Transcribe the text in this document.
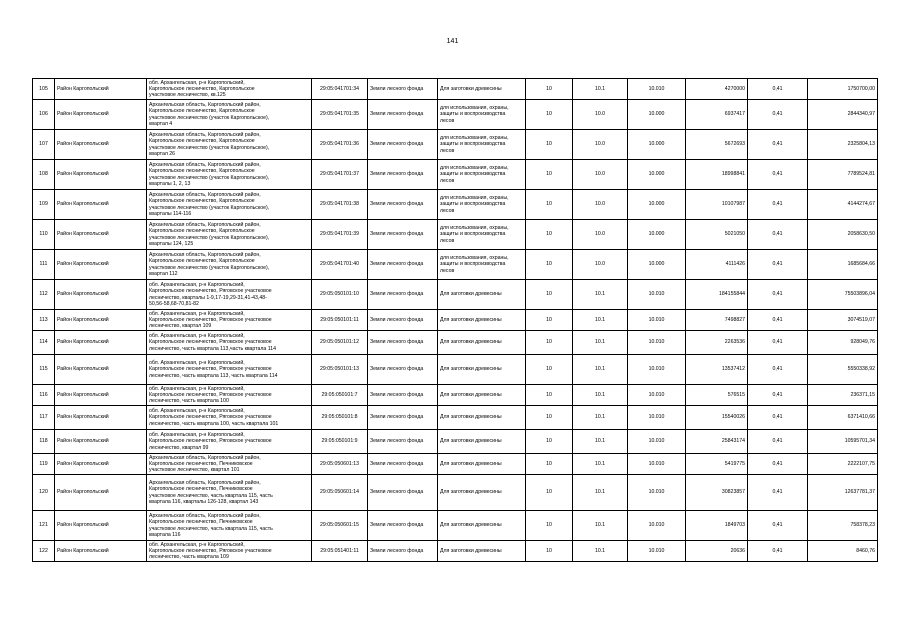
141
105	Район Каргопольский	обл. Архангельская, р-н Каргопольский,
Каргопольское лесничество, Каргопольское
участковое лесничество, кв.125	29:05:041701:34	Земли лесного фонда	Для заготовки древесины	10	10.1	10.010	4270000	0,41	1750700,00
106	Район Каргопольский	Архангельская область, Каргопольский район,
Каргопольское лесничество, Каргопольское
участковое лесничество (участок Каргопольское),
квартал 4	29:05:041701:35	Земли лесного фонда	для использования, охраны,
защиты и воспроизводства
лесов	10	10.0	10.000	6937417	0,41	2844340,97
107	Район Каргопольский	Архангельская область, Каргопольский район,
Каргопольское лесничество, Каргопольское
участковое лесничество (участок Каргопольское),
квартал 26	29:05:041701:36	Земли лесного фонда	для использования, охраны,
защиты и воспроизводства
лесов	10	10.0	10.000	5672693	0,41	2325804,13
108	Район Каргопольский	Архангельская область, Каргопольский район,
Каргопольское лесничество, Каргопольское
участковое лесничество (участок Каргопольское),
кварталы 1, 2, 13	29:05:041701:37	Земли лесного фонда	для использования, охраны,
защиты и воспроизводства
лесов	10	10.0	10.000	18998841	0,41	7789524,81
109	Район Каргопольский	Архангельская область, Каргопольский район,
Каргопольское лесничество, Каргопольское
участковое лесничество (участок Каргопольское),
кварталы 114-116	29:05:041701:38	Земли лесного фонда	для использования, охраны,
защиты и воспроизводства
лесов	10	10.0	10.000	10107987	0,41	4144274,67
110	Район Каргопольский	Архангельская область, Каргопольский район,
Каргопольское лесничество, Каргопольское
участковое лесничество (участок Каргопольское),
кварталы 124, 125	29:05:041701:39	Земли лесного фонда	для использования, охраны,
защиты и воспроизводства
лесов	10	10.0	10.000	5021050	0,41	2058630,50
111	Район Каргопольский	Архангельская область, Каргопольский район,
Каргопольское лесничество, Каргопольское
участковое лесничество (участок Каргопольское),
квартал 112	29:05:041701:40	Земли лесного фонда	для использования, охраны,
защиты и воспроизводства
лесов	10	10.0	10.000	4111426	0,41	1685684,66
112	Район Каргопольский	обл. Архангельская, р-н Каргопольский,
Каргопольское лесничество, Ряговское участковое
лесничество, кварталы 1-9,17-19,29-31,41-43,48-
50,56-58,68-70,81-82	29:05:050101:10	Земли лесного фонда	Для заготовки древесины	10	10.1	10.010	184155844	0,41	75503896,04
113	Район Каргопольский	обл. Архангельская, р-н Каргопольский,
Каргопольское лесничество, Ряговское участковое
лесничество, квартал 109	29:05:050101:11	Земли лесного фонда	Для заготовки древесины	10	10.1	10.010	7498827	0,41	3074519,07
114	Район Каргопольский	обл. Архангельская, р-н Каргопольский,
Каргопольское лесничество, Ряговское участковое
лесничество, часть квартала 113,часть квартала 114	29:05:050101:12	Земли лесного фонда	Для заготовки древесины	10	10.1	10.010	2263536	0,41	928049,76
115	Район Каргопольский	обл. Архангельская, р-н Каргопольский,
Каргопольское лесничество, Ряговское участковое
лесничество, часть квартала 113, часть квартала 114	29:05:050101:13	Земли лесного фонда	Для заготовки древесины	10	10.1	10.010	13537412	0,41	5550338,92
116	Район Каргопольский	обл. Архангельская, р-н Каргопольский,
Каргопольское лесничество, Ряговское участковое
лесничество, часть квартала 100	29:05:050101:7	Земли лесного фонда	Для заготовки древесины	10	10.1	10.010	576515	0,41	236371,15
117	Район Каргопольский	обл. Архангельская, р-н Каргопольский,
Каргопольское лесничество, Ряговское участковое
лесничество, часть квартала 100, часть квартала 101	29:05:050101:8	Земли лесного фонда	Для заготовки древесины	10	10.1	10.010	15540026	0,41	6371410,66
118	Район Каргопольский	обл. Архангельская, р-н Каргопольский,
Каргопольское лесничество, Ряговское участковое
лесничество, квартал 99	29:05:050101:9	Земли лесного фонда	Для заготовки древесины	10	10.1	10.010	25843174	0,41	10595701,34
119	Район Каргопольский	Архангельская область, Каргопольский район,
Каргопольское лесничество, Печниковское
участковое лесничество, квартал 101	29:05:050601:13	Земли лесного фонда	Для заготовки древесины	10	10.1	10.010	5419775	0,41	2222107,75
120	Район Каргопольский	Архангельская область, Каргопольский район,
Каргопольское лесничество, Печниковское
участковое лесничество, часть квартала 115, часть
квартала 116, кварталы 126-128, квартал 143	29:05:050601:14	Земли лесного фонда	Для заготовки древесины	10	10.1	10.010	30823857	0,41	12637781,37
121	Район Каргопольский	Архангельская область, Каргопольский район,
Каргопольское лесничество, Печниковское
участковое лесничество, часть квартала 115, часть
квартала 116	29:05:050601:15	Земли лесного фонда	Для заготовки древесины	10	10.1	10.010	1849703	0,41	758378,23
122	Район Каргопольский	обл. Архангельская, р-н Каргопольский,
Каргопольское лесничество, Ряговское участковое
лесничество, часть квартала 109	29:05:051401:11	Земли лесного фонда	Для заготовки древесины	10	10.1	10.010	20636	0,41	8460,76
